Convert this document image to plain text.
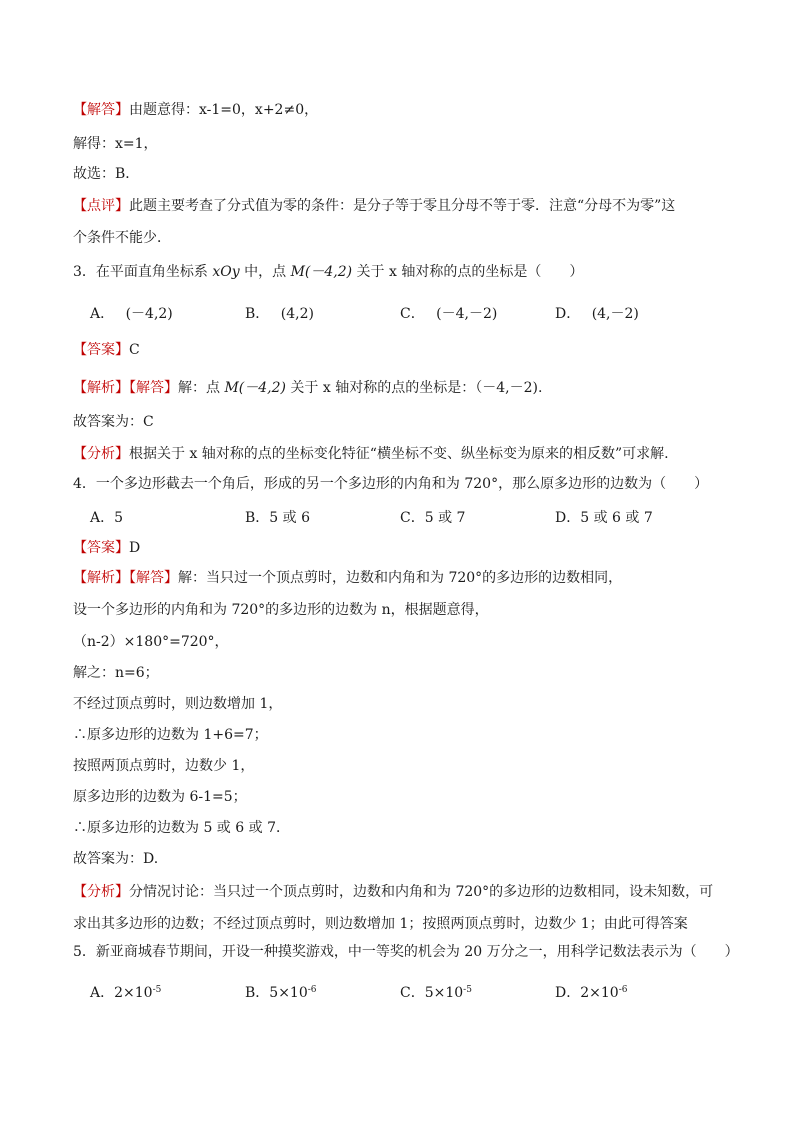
【解答】由题意得：x-1=0，x+2≠0，
解得：x=1，
故选：B．
【点评】此题主要考查了分式值为零的条件：是分子等于零且分母不等于零．注意“分母不为零”这
个条件不能少．
3．在平面直角坐标系 xOy 中，点 M(－4,2) 关于 x 轴对称的点的坐标是（　　）
A．　 (－4,2)	B．　 (4,2)	C．　 (－4,－2)	D．　 (4,－2)
【答案】C
【解析】【解答】解：点 M(－4,2) 关于 x 轴对称的点的坐标是：（－4,－2).
故答案为：C
【分析】根据关于 x 轴对称的点的坐标变化特征“横坐标不变、纵坐标变为原来的相反数”可求解.
4．一个多边形截去一个角后，形成的另一个多边形的内角和为 720°，那么原多边形的边数为（　　）
A．5	B．5 或 6	C．5 或 7	D．5 或 6 或 7
【答案】D
【解析】【解答】解：当只过一个顶点剪时，边数和内角和为 720°的多边形的边数相同，
设一个多边形的内角和为 720°的多边形的边数为 n，根据题意得，
（n-2）×180°=720°，
解之：n=6；
不经过顶点剪时，则边数增加 1，
∴原多边形的边数为 1+6=7；
按照两顶点剪时，边数少 1，
原多边形的边数为 6-1=5；
∴原多边形的边数为 5 或 6 或 7．
故答案为：D.
【分析】分情况讨论：当只过一个顶点剪时，边数和内角和为 720°的多边形的边数相同，设未知数，可求出其多边形的边数；不经过顶点剪时，则边数增加 1；按照两顶点剪时，边数少 1；由此可得答案
5．新亚商城春节期间，开设一种摸奖游戏，中一等奖的机会为 20 万分之一，用科学记数法表示为（　　）
A．$2\times 10^{-5}$	B．$5\times 10^{-6}$	C．$5\times 10^{-5}$	D．$2\times 10^{-6}$
